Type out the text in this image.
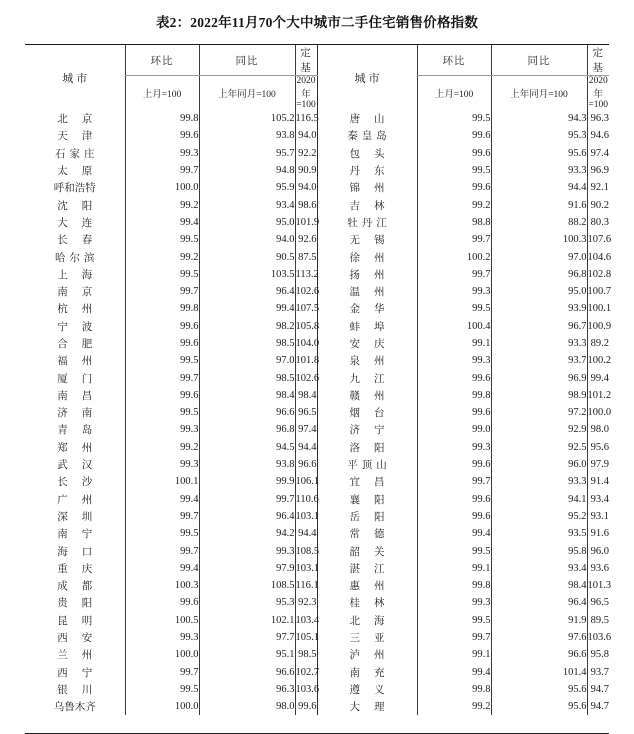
表2：2022年11月70个大中城市二手住宅销售价格指数
城市	环比	同比	定基	城市	环比	同比	定基
	上月=100	上年同月=100	2020年=100		上月=100	上年同月=100	2020年=100
北京	99.8	105.2	116.5	唐山	99.5	94.3	96.3
天津	99.6	93.8	94.0	秦皇岛	99.6	95.3	94.6
石家庄	99.3	95.7	92.2	包头	99.6	95.6	97.4
太原	99.7	94.8	90.9	丹东	99.5	93.3	96.9
呼和浩特	100.0	95.9	94.0	锦州	99.6	94.4	92.1
沈阳	99.2	93.4	98.6	吉林	99.2	91.6	90.2
大连	99.4	95.0	101.9	牡丹江	98.8	88.2	80.3
长春	99.5	94.0	92.6	无锡	99.7	100.3	107.6
哈尔滨	99.2	90.5	87.5	徐州	100.2	97.0	104.6
上海	99.5	103.5	113.2	扬州	99.7	96.8	102.8
南京	99.7	96.4	102.6	温州	99.3	95.0	100.7
杭州	99.8	99.4	107.5	金华	99.5	93.9	100.1
宁波	99.6	98.2	105.8	蚌埠	100.4	96.7	100.9
合肥	99.6	98.5	104.0	安庆	99.1	93.3	89.2
福州	99.5	97.0	101.8	泉州	99.3	93.7	100.2
厦门	99.7	98.5	102.6	九江	99.6	96.9	99.4
南昌	99.6	98.4	98.4	赣州	99.8	98.9	101.2
济南	99.5	96.6	96.5	烟台	99.6	97.2	100.0
青岛	99.3	96.8	97.4	济宁	99.0	92.9	98.0
郑州	99.2	94.5	94.4	洛阳	99.3	92.5	95.6
武汉	99.3	93.8	96.6	平顶山	99.6	96.0	97.9
长沙	100.1	99.9	106.1	宜昌	99.7	93.3	91.4
广州	99.4	99.7	110.6	襄阳	99.6	94.1	93.4
深圳	99.7	96.4	103.1	岳阳	99.6	95.2	93.1
南宁	99.5	94.2	94.4	常德	99.4	93.5	91.6
海口	99.7	99.3	108.5	韶关	99.5	95.8	96.0
重庆	99.4	97.9	103.1	湛江	99.1	93.4	93.6
成都	100.3	108.5	116.1	惠州	99.8	98.4	101.3
贵阳	99.6	95.3	92.3	桂林	99.3	96.4	96.5
昆明	100.5	102.1	103.4	北海	99.5	91.9	89.5
西安	99.3	97.7	105.1	三亚	99.7	97.6	103.6
兰州	100.0	95.1	98.5	泸州	99.1	96.6	95.8
西宁	99.7	96.6	102.7	南充	99.4	101.4	93.7
银川	99.5	96.3	103.6	遵义	99.8	95.6	94.7
乌鲁木齐	100.0	98.0	99.6	大理	99.2	95.6	94.7
